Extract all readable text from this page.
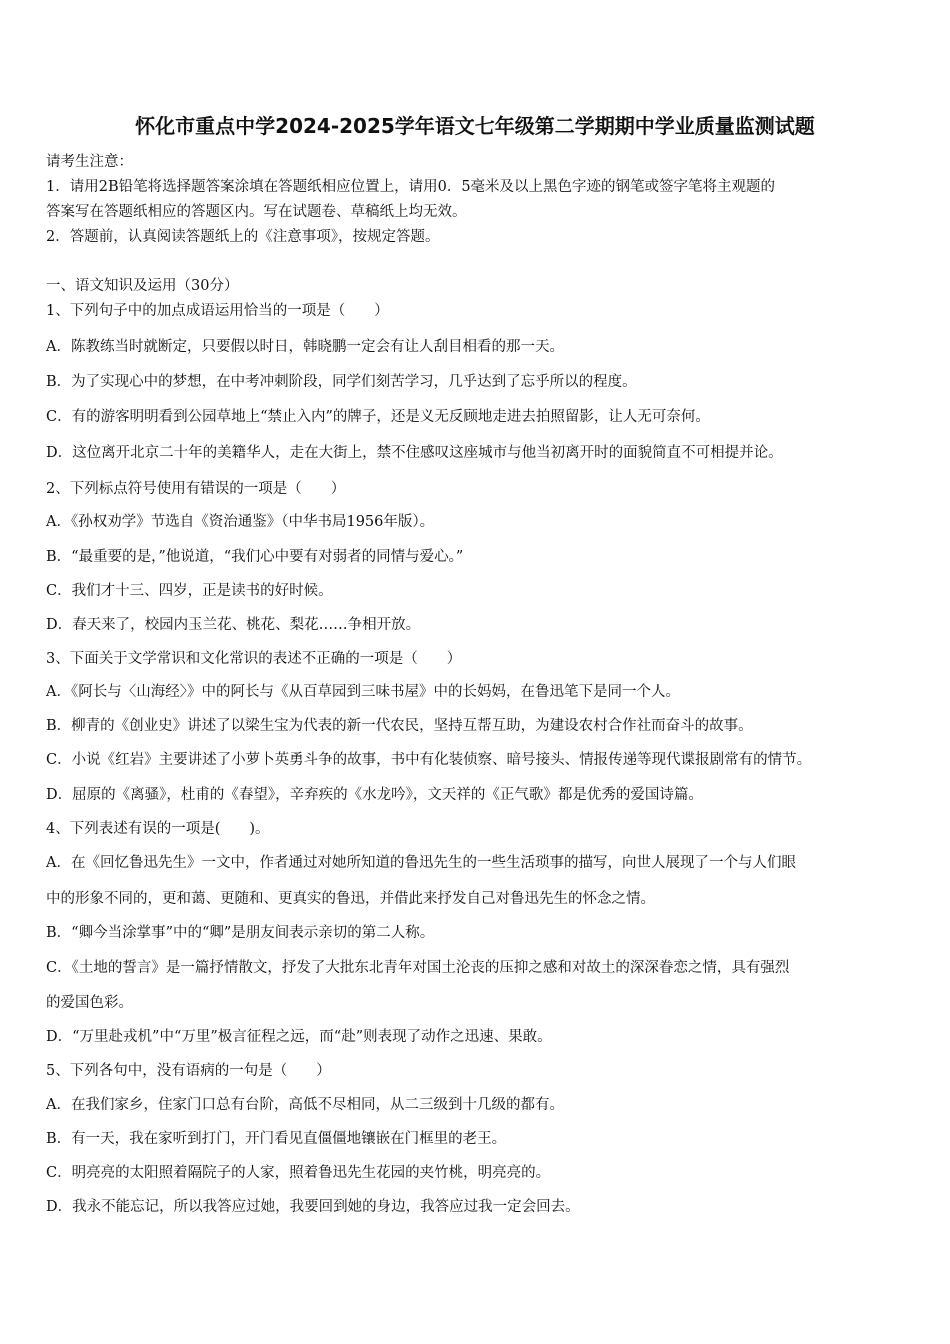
怀化市重点中学2024-2025学年语文七年级第二学期期中学业质量监测试题
请考生注意：
1．请用2B铅笔将选择题答案涂填在答题纸相应位置上，请用0．5毫米及以上黑色字迹的钢笔或签字笔将主观题的
答案写在答题纸相应的答题区内。写在试题卷、草稿纸上均无效。
2．答题前，认真阅读答题纸上的《注意事项》，按规定答题。
一、语文知识及运用（30分）
1、下列句子中的加点成语运用恰当的一项是（　　）
A．陈教练当时就断定，只要假以时日，韩晓鹏一定会有让人刮目相看的那一天。
B．为了实现心中的梦想，在中考冲刺阶段，同学们刻苦学习，几乎达到了忘乎所以的程度。
C．有的游客明明看到公园草地上“禁止入内”的牌子，还是义无反顾地走进去拍照留影，让人无可奈何。
D．这位离开北京二十年的美籍华人，走在大街上，禁不住感叹这座城市与他当初离开时的面貌简直不可相提并论。
2、下列标点符号使用有错误的一项是（　　）
A．《孙权劝学》节选自《资治通鉴》（中华书局1956年版）。
B．“最重要的是，”他说道，“我们心中要有对弱者的同情与爱心。”
C．我们才十三、四岁，正是读书的好时候。
D．春天来了，校园内玉兰花、桃花、梨花……争相开放。
3、下面关于文学常识和文化常识的表述不正确的一项是（　　）
A．《阿长与〈山海经〉》中的阿长与《从百草园到三味书屋》中的长妈妈，在鲁迅笔下是同一个人。
B．柳青的《创业史》讲述了以梁生宝为代表的新一代农民，坚持互帮互助，为建设农村合作社而奋斗的故事。
C．小说《红岩》主要讲述了小萝卜英勇斗争的故事，书中有化装侦察、暗号接头、情报传递等现代谍报剧常有的情节。
D．屈原的《离骚》，杜甫的《春望》，辛弃疾的《水龙吟》，文天祥的《正气歌》都是优秀的爱国诗篇。
4、下列表述有误的一项是(　　)。
A．在《回忆鲁迅先生》一文中，作者通过对她所知道的鲁迅先生的一些生活琐事的描写，向世人展现了一个与人们眼
中的形象不同的，更和蔼、更随和、更真实的鲁迅，并借此来抒发自己对鲁迅先生的怀念之情。
B．“卿今当涂掌事”中的“卿”是朋友间表示亲切的第二人称。
C．《土地的誓言》是一篇抒情散文，抒发了大批东北青年对国土沦丧的压抑之感和对故土的深深眷恋之情，具有强烈
的爱国色彩。
D．“万里赴戎机”中“万里”极言征程之远，而“赴”则表现了动作之迅速、果敢。
5、下列各句中，没有语病的一句是（　　）
A．在我们家乡，住家门口总有台阶，高低不尽相同，从二三级到十几级的都有。
B．有一天，我在家听到打门，开门看见直僵僵地镶嵌在门框里的老王。
C．明亮亮的太阳照着隔院子的人家，照着鲁迅先生花园的夹竹桃，明亮亮的。
D．我永不能忘记，所以我答应过她，我要回到她的身边，我答应过我一定会回去。
